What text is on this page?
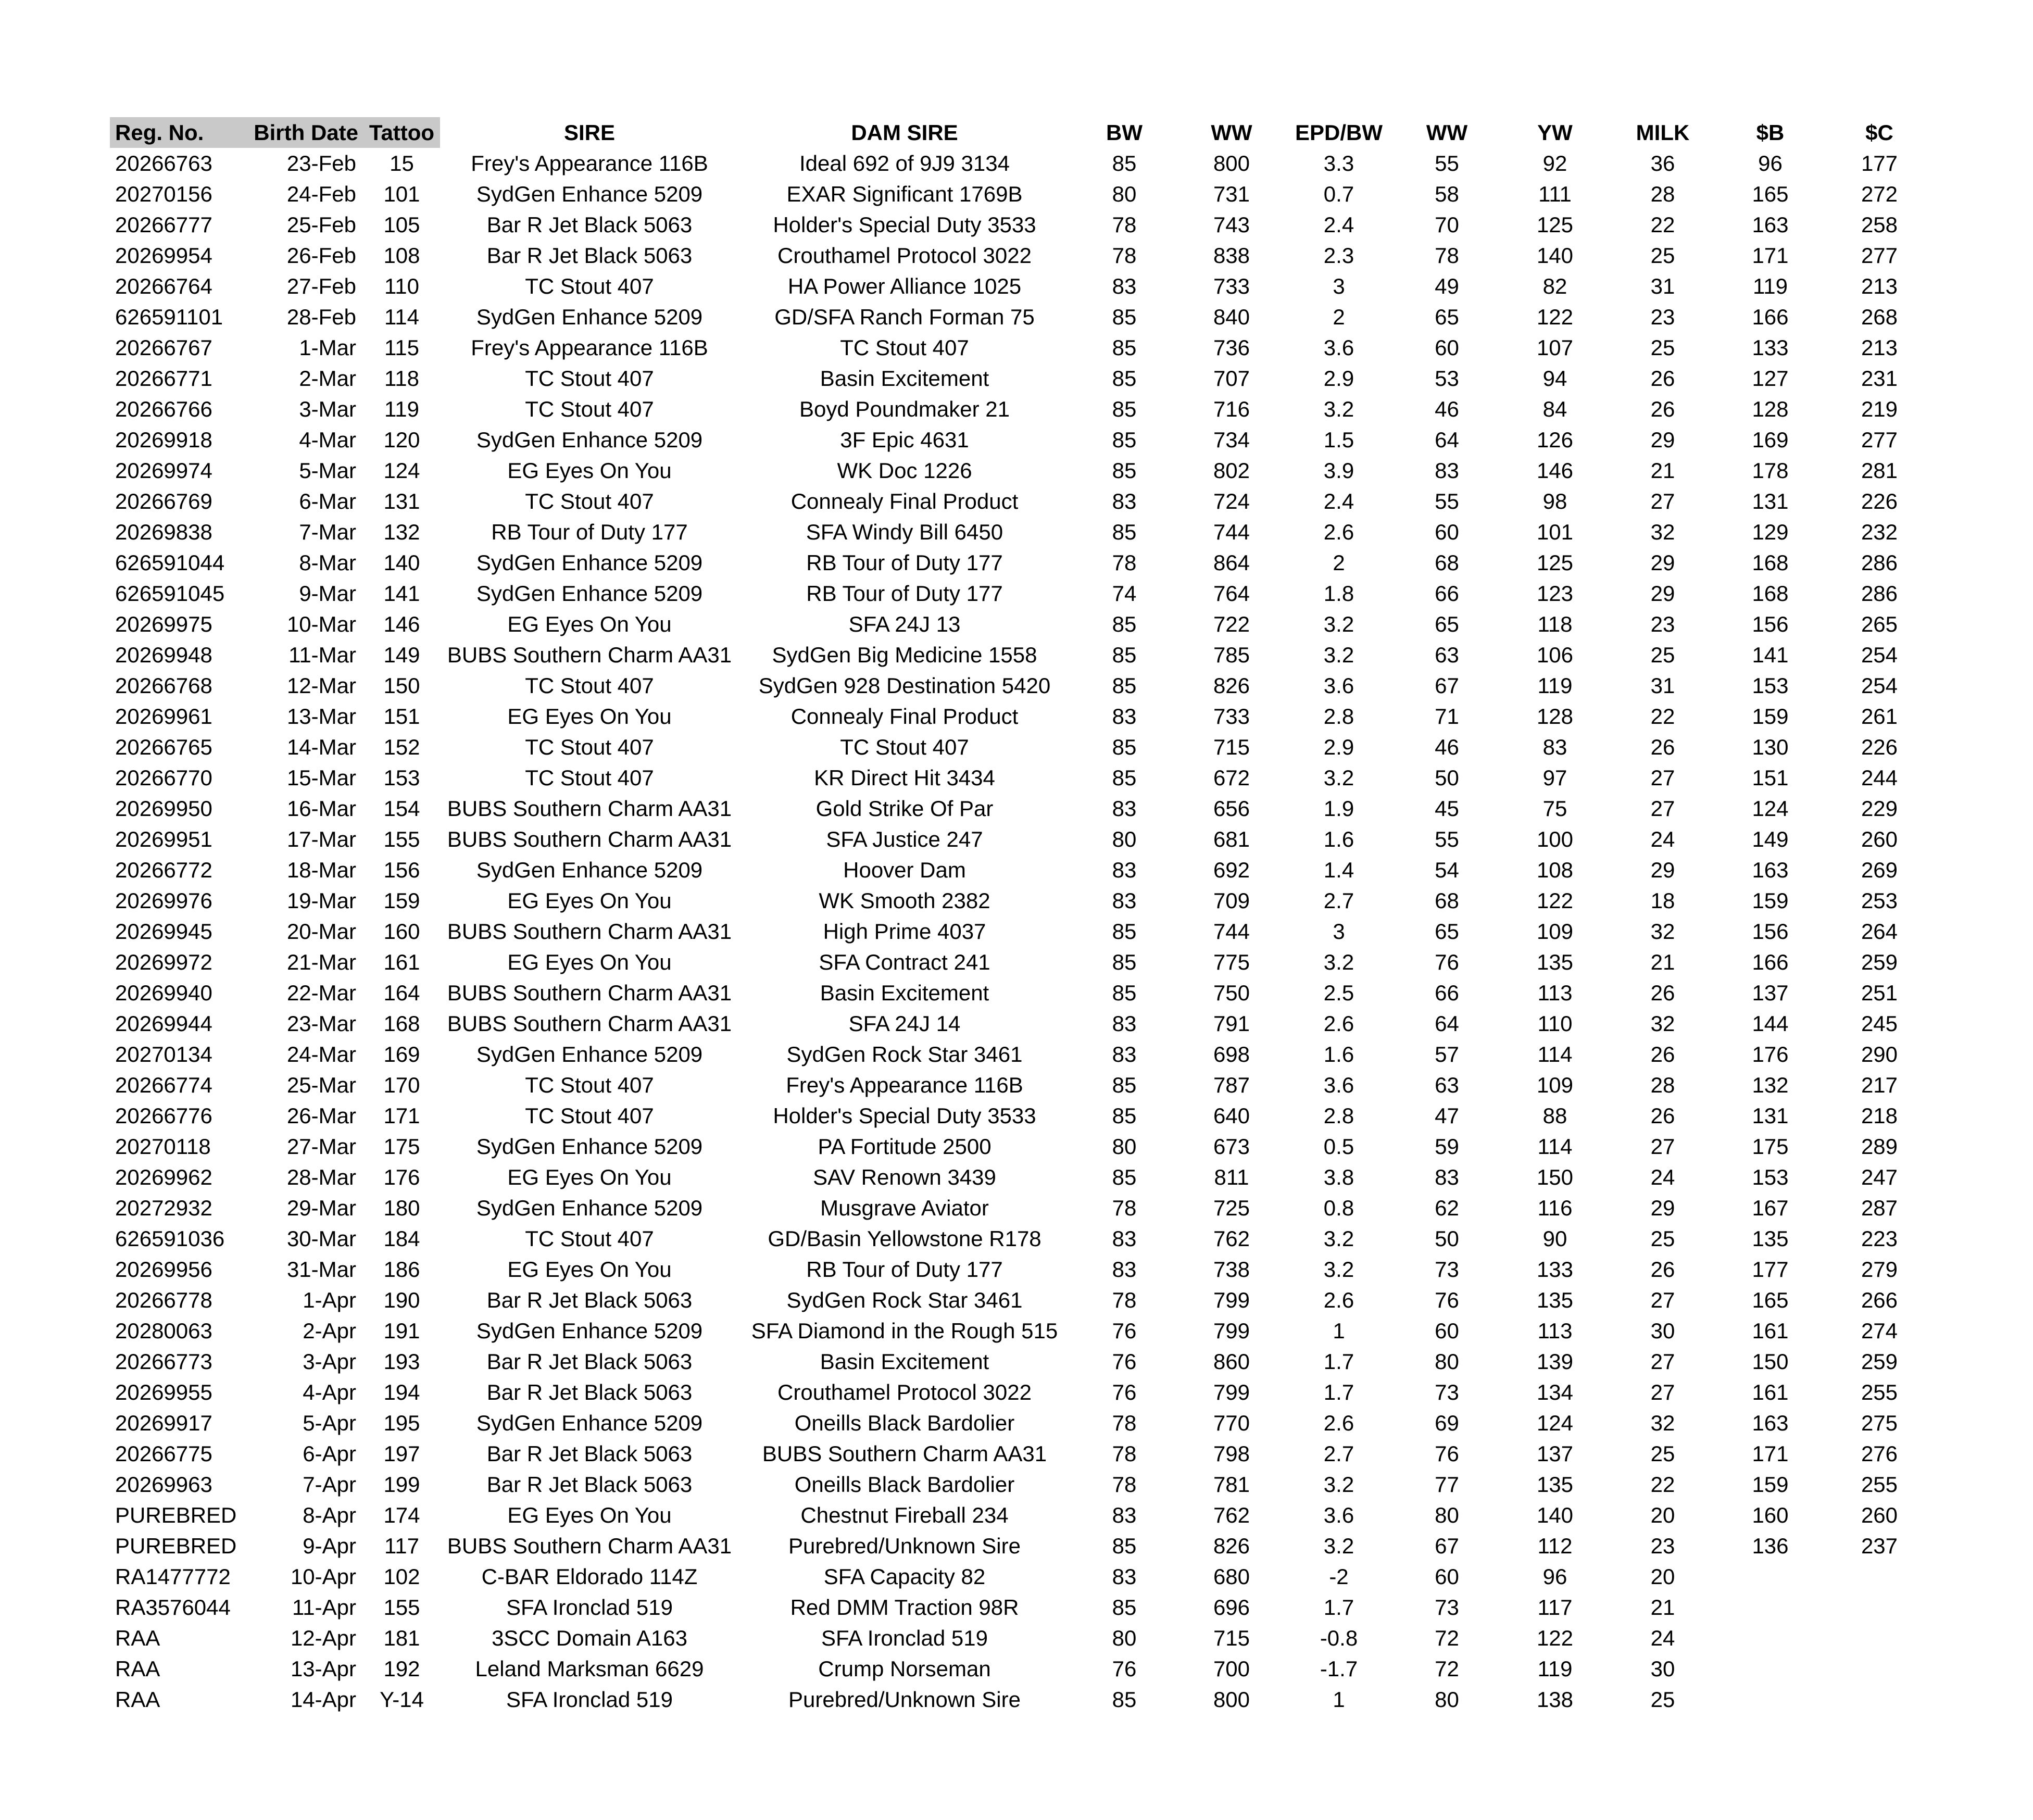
Reg. No.	Birth Date	Tattoo	SIRE	DAM SIRE	BW	WW	EPD/BW	WW	YW	MILK	$B	$C
20266763	23-Feb	15	Frey's Appearance 116B	Ideal 692 of 9J9 3134	85	800	3.3	55	92	36	96	177
20270156	24-Feb	101	SydGen Enhance 5209	EXAR Significant 1769B	80	731	0.7	58	111	28	165	272
20266777	25-Feb	105	Bar R Jet Black 5063	Holder's Special Duty 3533	78	743	2.4	70	125	22	163	258
20269954	26-Feb	108	Bar R Jet Black 5063	Crouthamel Protocol 3022	78	838	2.3	78	140	25	171	277
20266764	27-Feb	110	TC Stout 407	HA Power Alliance 1025	83	733	3	49	82	31	119	213
626591101	28-Feb	114	SydGen Enhance 5209	GD/SFA Ranch Forman 75	85	840	2	65	122	23	166	268
20266767	1-Mar	115	Frey's Appearance 116B	TC Stout 407	85	736	3.6	60	107	25	133	213
20266771	2-Mar	118	TC Stout 407	Basin Excitement	85	707	2.9	53	94	26	127	231
20266766	3-Mar	119	TC Stout 407	Boyd Poundmaker 21	85	716	3.2	46	84	26	128	219
20269918	4-Mar	120	SydGen Enhance 5209	3F Epic 4631	85	734	1.5	64	126	29	169	277
20269974	5-Mar	124	EG Eyes On You	WK Doc 1226	85	802	3.9	83	146	21	178	281
20266769	6-Mar	131	TC Stout 407	Connealy Final Product	83	724	2.4	55	98	27	131	226
20269838	7-Mar	132	RB Tour of Duty 177	SFA Windy Bill 6450	85	744	2.6	60	101	32	129	232
626591044	8-Mar	140	SydGen Enhance 5209	RB Tour of Duty 177	78	864	2	68	125	29	168	286
626591045	9-Mar	141	SydGen Enhance 5209	RB Tour of Duty 177	74	764	1.8	66	123	29	168	286
20269975	10-Mar	146	EG Eyes On You	SFA 24J 13	85	722	3.2	65	118	23	156	265
20269948	11-Mar	149	BUBS Southern Charm AA31	SydGen Big Medicine 1558	85	785	3.2	63	106	25	141	254
20266768	12-Mar	150	TC Stout 407	SydGen 928 Destination 5420	85	826	3.6	67	119	31	153	254
20269961	13-Mar	151	EG Eyes On You	Connealy Final Product	83	733	2.8	71	128	22	159	261
20266765	14-Mar	152	TC Stout 407	TC Stout 407	85	715	2.9	46	83	26	130	226
20266770	15-Mar	153	TC Stout 407	KR Direct Hit 3434	85	672	3.2	50	97	27	151	244
20269950	16-Mar	154	BUBS Southern Charm AA31	Gold Strike Of Par	83	656	1.9	45	75	27	124	229
20269951	17-Mar	155	BUBS Southern Charm AA31	SFA Justice 247	80	681	1.6	55	100	24	149	260
20266772	18-Mar	156	SydGen Enhance 5209	Hoover Dam	83	692	1.4	54	108	29	163	269
20269976	19-Mar	159	EG Eyes On You	WK Smooth 2382	83	709	2.7	68	122	18	159	253
20269945	20-Mar	160	BUBS Southern Charm AA31	High Prime 4037	85	744	3	65	109	32	156	264
20269972	21-Mar	161	EG Eyes On You	SFA Contract 241	85	775	3.2	76	135	21	166	259
20269940	22-Mar	164	BUBS Southern Charm AA31	Basin Excitement	85	750	2.5	66	113	26	137	251
20269944	23-Mar	168	BUBS Southern Charm AA31	SFA 24J 14	83	791	2.6	64	110	32	144	245
20270134	24-Mar	169	SydGen Enhance 5209	SydGen Rock Star 3461	83	698	1.6	57	114	26	176	290
20266774	25-Mar	170	TC Stout 407	Frey's Appearance 116B	85	787	3.6	63	109	28	132	217
20266776	26-Mar	171	TC Stout 407	Holder's Special Duty 3533	85	640	2.8	47	88	26	131	218
20270118	27-Mar	175	SydGen Enhance 5209	PA Fortitude 2500	80	673	0.5	59	114	27	175	289
20269962	28-Mar	176	EG Eyes On You	SAV Renown 3439	85	811	3.8	83	150	24	153	247
20272932	29-Mar	180	SydGen Enhance 5209	Musgrave Aviator	78	725	0.8	62	116	29	167	287
626591036	30-Mar	184	TC Stout 407	GD/Basin Yellowstone R178	83	762	3.2	50	90	25	135	223
20269956	31-Mar	186	EG Eyes On You	RB Tour of Duty 177	83	738	3.2	73	133	26	177	279
20266778	1-Apr	190	Bar R Jet Black 5063	SydGen Rock Star 3461	78	799	2.6	76	135	27	165	266
20280063	2-Apr	191	SydGen Enhance 5209	SFA Diamond in the Rough 515	76	799	1	60	113	30	161	274
20266773	3-Apr	193	Bar R Jet Black 5063	Basin Excitement	76	860	1.7	80	139	27	150	259
20269955	4-Apr	194	Bar R Jet Black 5063	Crouthamel Protocol 3022	76	799	1.7	73	134	27	161	255
20269917	5-Apr	195	SydGen Enhance 5209	Oneills Black Bardolier	78	770	2.6	69	124	32	163	275
20266775	6-Apr	197	Bar R Jet Black 5063	BUBS Southern Charm AA31	78	798	2.7	76	137	25	171	276
20269963	7-Apr	199	Bar R Jet Black 5063	Oneills Black Bardolier	78	781	3.2	77	135	22	159	255
PUREBRED	8-Apr	174	EG Eyes On You	Chestnut Fireball 234	83	762	3.6	80	140	20	160	260
PUREBRED	9-Apr	117	BUBS Southern Charm AA31	Purebred/Unknown Sire	85	826	3.2	67	112	23	136	237
RA1477772	10-Apr	102	C-BAR Eldorado 114Z	SFA Capacity 82	83	680	-2	60	96	20		
RA3576044	11-Apr	155	SFA Ironclad 519	Red DMM Traction 98R	85	696	1.7	73	117	21		
RAA	12-Apr	181	3SCC Domain A163	SFA Ironclad 519	80	715	-0.8	72	122	24		
RAA	13-Apr	192	Leland Marksman 6629	Crump Norseman	76	700	-1.7	72	119	30		
RAA	14-Apr	Y-14	SFA Ironclad 519	Purebred/Unknown Sire	85	800	1	80	138	25		
